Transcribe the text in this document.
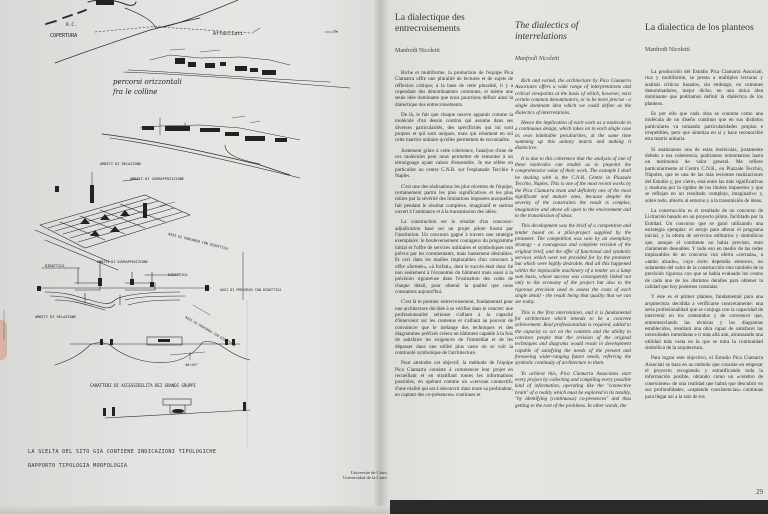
COPERTURA
R.C.
Affacciati
percorsi orizzontali
fra le colline
AMBITI DI RELAZIONE
AMBITI DI SOVRAPPOSIZIONE
ASSI DI PERCORSO CON DIDATTICA
DIDATTICA
AMBITI DI SOVRAPPOSIZIONE
DIDATTICA
ASSI DI PERCORSO CON DIDATTICA
AMBITI DI RELAZIONE	ASSI DI PERCORSO CON DIDATTICA
40÷45°
CARATTERI DI ACCESSIBILITA DEI GRANDI GRUPPI
LA SCELTA DEL SITO GIA CONTIENE INDICAZIONI TIPOLOGICHE
RAPPORTO TIPOLOGIA MORFOLOGIA
Universite de Cairo
Universidad de la Cairo
La dialectique des entrecroisements
Manfredi Nicoletti

Riche et multiforme, la production de l'équipe Pica Ciamarra offre une pluralité de lectures et de sujets de réflexion critique; à la base de cette pluralité, il y a cependant des dénominateurs communs, et même une seule idée dominante que nous pourrions définir ainsi la dialectique des entrecroisements.

De là, le fait que chaque oeuvre apparait comme la molécule d'un dessin continu qui assume dans ses diverses particularités, des spécificités qui lui sont propres et qui sont uniques, mais qui résument en soi cette matrice unitaire qu'elles permettent de reconnaître.

Justement grâce à cette cohérence, l'analyse d'une de ces molécules peut nous permettre de remonter à un témoignage ayant valeur d'ensemble. Je me réfère en particulier au centre C.N.R. sur l'esplanade Tecchio à Naples.

C'est une des réalisations les plus récentes de l'équipe, certainement parmi les plus significatives et les plus mûres par la sévérité des limitations imposées auxquelles fait pendant le résultat complexe, imaginatif et surtout ouvert à l'ambiance et à la transmission des idées.

La construction est le résultat d'un concours-adjudication basé sur un projet pilote fourni par l'institution. Un concours gagné à travers une stratégie exemplaire: le bouleversement courageux du programme initial et l'offre de services utilitaires et symboliques non prévus par les commentants, mais hautement désirables. Et ceci dans les mailles implacables d'un concours à offre «fermée», «à forfait», dont le succès était donc lié non seulement à l'économie du bâtiment mais aussi à la précision rigoureuse dans l'évaluation des coûts de chaque détail, pour obtenir la qualité que nous constatons aujourd'hui.

C'est là le premier entrecroisement, fondamental pour une architecture décidée à se vérifier dans le concret: une professionnalité sérieuse s'alliant à la capacité d'intervenir sur les contenus et s'alliant au pouvoir de convaincre que le mélange des techniques et des diagrammes préfixés créera un bâtiment capable à la fois de satisfaire les exigences de l'immédiat et de les dépasser dans une utilité plus vaste où se voit la continuité symbolique de l'architecture.

Pour atteindre cet objectif, la méthode de l'équipe Pica Ciamarra consiste à commencer leur projet en recueillant et en stratifiant toutes les informations possibles, en opérant comme un «cerveau connectif» d'une réalité qui est à découvrir dans toute sa profondeur, en captant des co-présences» continues et

The dialectics of interrelations
Manfredi Nicoletti

Rich and varied, the architecture by Pica Ciamarra Associates offers a wide range of interpretations and critical viewpoints at the basis of which, however, exist certain common denominators, or to be more precise - a single dominant idea which we could define as the dialectics of interrelations.

Hence the implication of each work as a molecule in a continuous design, which takes on in each single case its own inimitable peculiarities, at the same time summing up this unitary matrix and making it distinctive.

It is due to this coherence that the analysis of one of these molecules can enable us to pinpoint the comprehensive value of their work. The example I shall be dealing with is the C.N.R. Centre in Piazzale Tecchio, Naples. This is one of the most recent works by the Pica Ciamarra team and definitely one of the most significant and mature ones, because despite the severity of the constraints the result is complex, imaginative and above all open to the environment and to the transmission of ideas.

This development was the brief of a competition and tender based on a pilot-project supplied by the promoter. The competition was won by an exemplary strategy - a courageous and complete revision of the original brief, and the offer of functional and symbolic services which were not provided for by the promoter but which were highly desirable. And all this happened within the implacable machinery of a tender on a lump sum basis, whose success was consequently linked not only to the economy of the project but also to the rigorous precision used to assess the costs of each single detail - the result being that quality that we can see today.

This is the first interrelation, and it is fundamental for architecture which intends to be a concrete achievement. Real professionalism is required, added to the capacity to act on the contents and the ability to convince people that the revision of the original techniques and diagrams would result in development capable of satisfying the needs of the present and foreseeing wider-ranging future needs, referring the symbolic continuity of architecture to them.

To achieve this, Pica Ciamarra Associates start every project by collecting and compiling every possible kind of information, operating like the "connective brain" of a reality which must be explored in its totality, "by identifying (continuous) co-presences" and thus getting to the root of the problems. In other words, the

La dialectica de los planteos
Manfredi Nicoletti

La producción del Estudio Pica Ciamarra Associati, rica y multiforme, se presta a múltiples lecturas y análisis críticos basados, sin embargo, en comunes denominadores, mejor dicho, en una única idea dominante que podríamos definir la dialéctica de los planteos.

Es por ello que cada obra se connota como una molécula de un diseño continuo que en sus distintos particulares va tomando particularidades propias e irrepetibles, pero que sintetiza en sí y hace reconocible esta matriz unitaria.

Si analizamos una de estas moléculas, justamente debido a esa coherencia, podríamos remontarnos hasta un testimonio de valor general. Me refiero particularmente al Centro C.N.R., en Piazzale Tecchio, Nápoles, que es una de las más recientes realizaciones del Estudio y, por cierto, está entre las más significativas y maduras por la rigidez de los límites impuestos y que se reflejan en un resultado complejo, imaginativo y, sobre todo, abierto al entorno y a la transmisión de ideas.

La construcción es el resultado de un concurso de Licitación basado en un proyecto piloto, facilitado por la Entidad. Un concurso que se ganó utilizando una estrategia ejemplar: el arrojo para alterar el programa inicial, y la oferta de servicios utilitarios y simbólicos que, aunque el comitente no había previsto, eran claramente deseables. Y todo eso en medio de las redes implacables de un concurso con oferta «cerrada», a «tanto alzado», cuyo éxito dependía entonces, no solamente del valor de la construcción sino también de la precisión rigurosa con que se había evaluado los costos de cada uno de los distintos detalles para obtener la calidad que hoy podemos constatar.

Y éste es el primer planteo, fundamental para una arquitectura decidida a verificarse concretamente: una seria profesionalidad que se conjuga con la capacidad de intervenir en los contenidos y de convencer que, entremezclando las técnicas y los diagramas establecidos, resultará una obra capaz de satisfacer las necesidades inmediatas e ir más allá aún, alcanzando una utilidad más vasta en la que se mira la continuidad simbólica de la arquitectura.

Para lograr este objectivo, el Estudio Pica Ciamarra Associati se basa en un método que consiste en empezar el proyecto recogiendo y estratificando toda la información posible, obrando como un «cerebro de conexiones» de una realidad que habrá que descubrir en sus profundidades, «captando coexistencias» continuas para llegar así a la raíz de los

29
